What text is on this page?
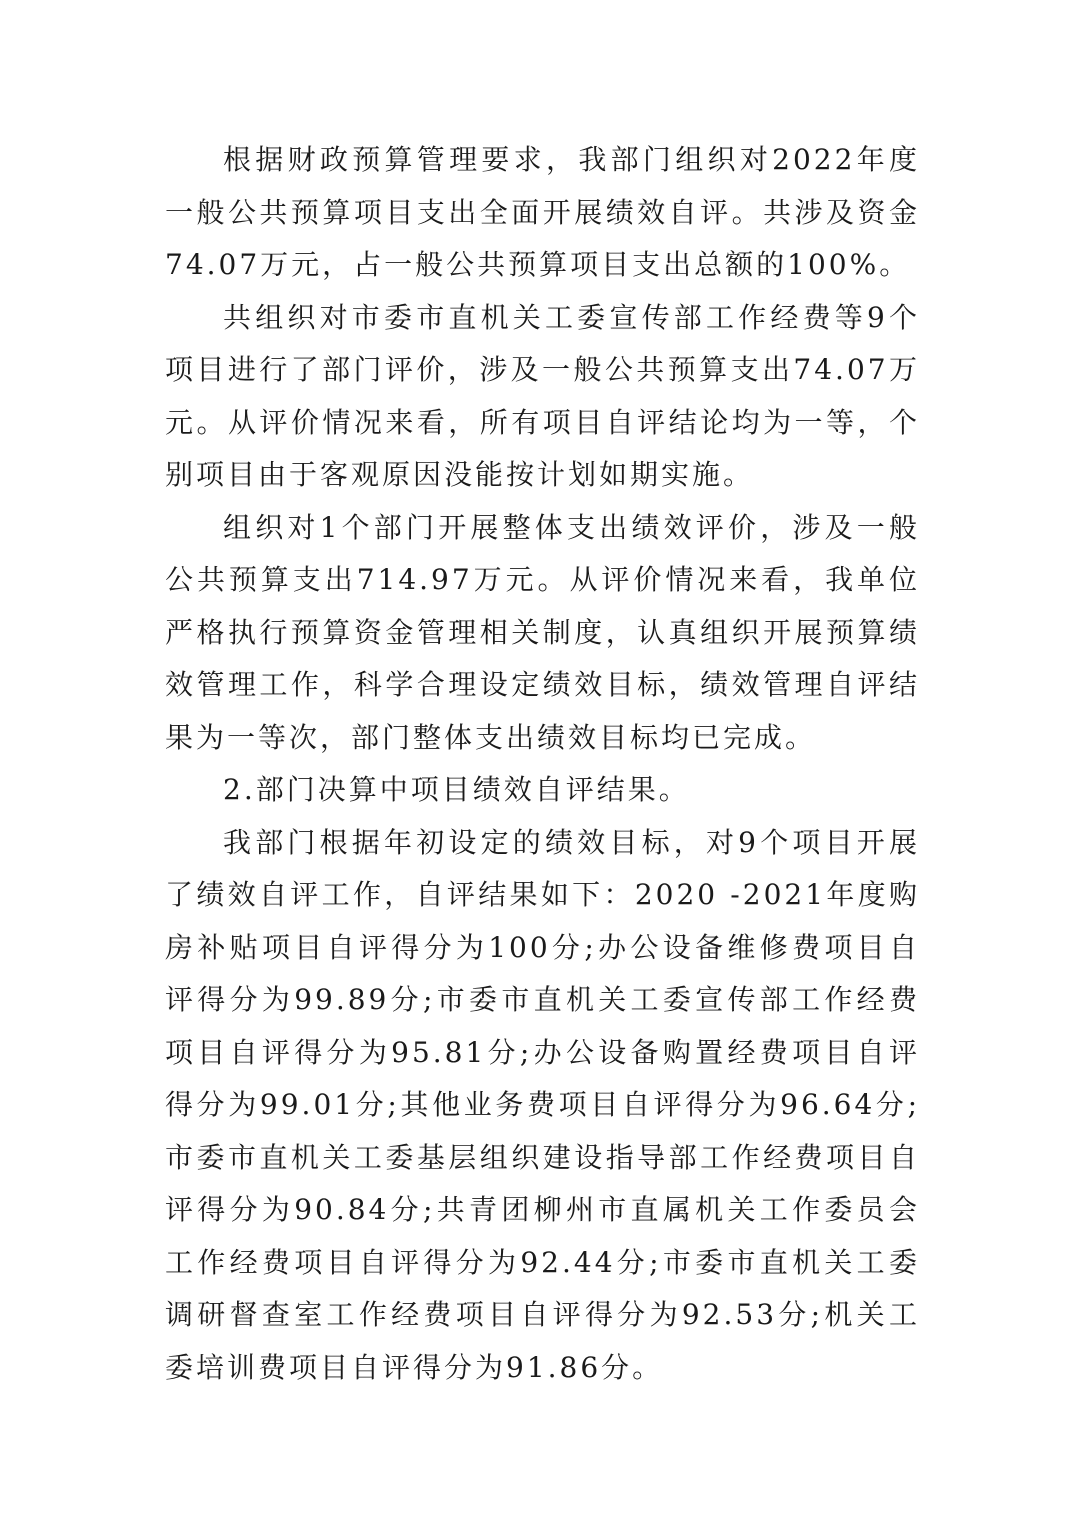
根据财政预算管理要求，我部门组织对2022年度一般公共预算项目支出全面开展绩效自评。共涉及资金74.07万元，占一般公共预算项目支出总额的100%。

共组织对市委市直机关工委宣传部工作经费等9个项目进行了部门评价，涉及一般公共预算支出74.07万元。从评价情况来看，所有项目自评结论均为一等，个别项目由于客观原因没能按计划如期实施。

组织对1个部门开展整体支出绩效评价，涉及一般公共预算支出714.97万元。从评价情况来看，我单位严格执行预算资金管理相关制度，认真组织开展预算绩效管理工作，科学合理设定绩效目标，绩效管理自评结果为一等次，部门整体支出绩效目标均已完成。

2.部门决算中项目绩效自评结果。

我部门根据年初设定的绩效目标，对9个项目开展了绩效自评工作，自评结果如下：2020 -2021年度购房补贴项目自评得分为100分;办公设备维修费项目自评得分为99.89分;市委市直机关工委宣传部工作经费项目自评得分为95.81分;办公设备购置经费项目自评得分为99.01分;其他业务费项目自评得分为96.64分;市委市直机关工委基层组织建设指导部工作经费项目自评得分为90.84分;共青团柳州市直属机关工作委员会工作经费项目自评得分为92.44分;市委市直机关工委调研督查室工作经费项目自评得分为92.53分;机关工委培训费项目自评得分为91.86分。
